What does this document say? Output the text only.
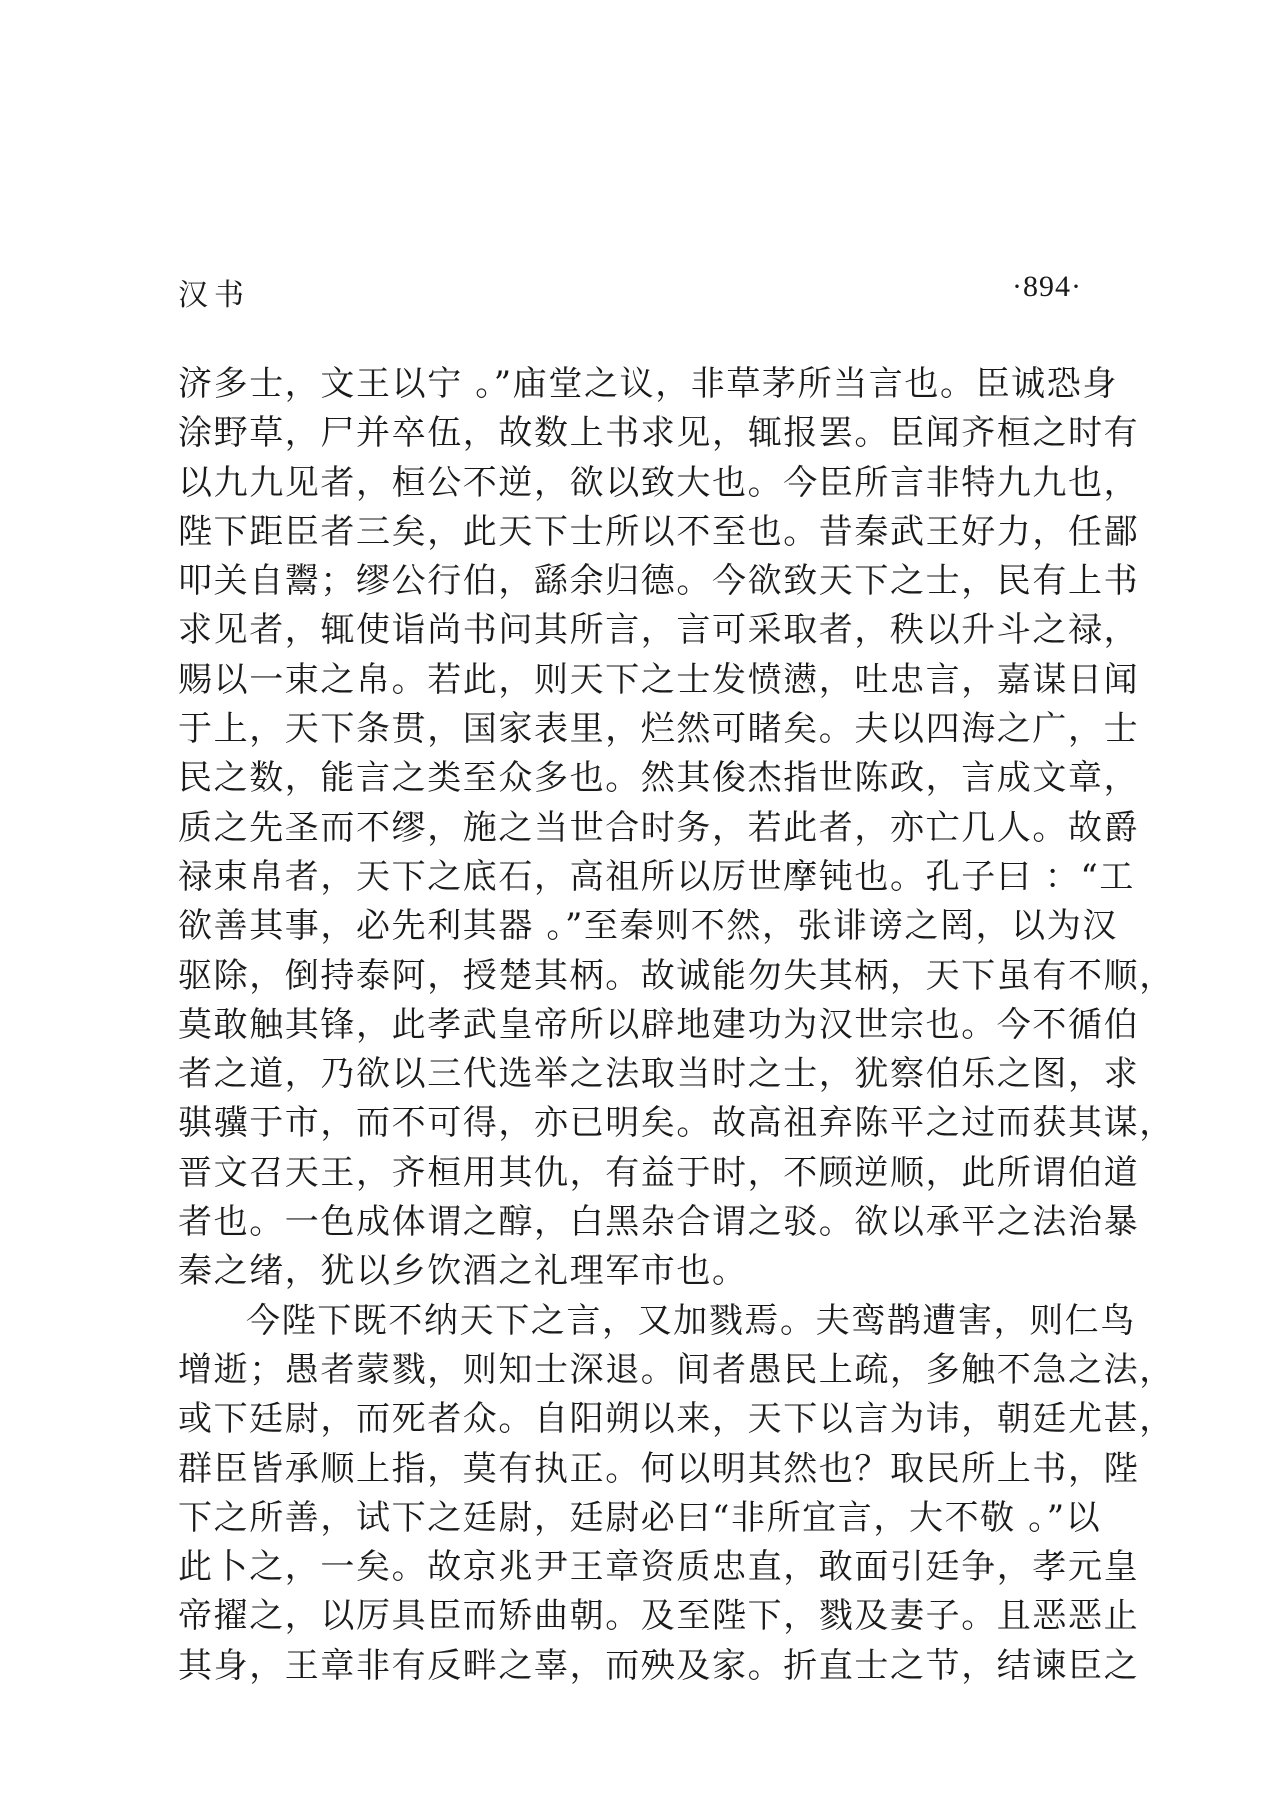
汉书	·894·
济多士，文王以宁 。”庙堂之议，非草茅所当言也。臣诚恐身
涂野草，尸并卒伍，故数上书求见，辄报罢。臣闻齐桓之时有
以九九见者，桓公不逆，欲以致大也。今臣所言非特九九也，
陛下距臣者三矣，此天下士所以不至也。昔秦武王好力，任鄙
叩关自鬻；缪公行伯，繇余归德。今欲致天下之士，民有上书
求见者，辄使诣尚书问其所言，言可采取者，秩以升斗之禄，
赐以一束之帛。若此，则天下之士发愤懑，吐忠言，嘉谋日闻
于上，天下条贯，国家表里，烂然可睹矣。夫以四海之广，士
民之数，能言之类至众多也。然其俊杰指世陈政，言成文章，
质之先圣而不缪，施之当世合时务，若此者，亦亡几人。故爵
禄束帛者，天下之底石，高祖所以厉世摩钝也。孔子曰 ：“工
欲善其事，必先利其器 。”至秦则不然，张诽谤之罔，以为汉
驱除，倒持泰阿，授楚其柄。故诚能勿失其柄，天下虽有不顺，
莫敢触其锋，此孝武皇帝所以辟地建功为汉世宗也。今不循伯
者之道，乃欲以三代选举之法取当时之士，犹察伯乐之图，求
骐骥于市，而不可得，亦已明矣。故高祖弃陈平之过而获其谋，
晋文召天王，齐桓用其仇，有益于时，不顾逆顺，此所谓伯道
者也。一色成体谓之醇，白黑杂合谓之驳。欲以承平之法治暴
秦之绪，犹以乡饮酒之礼理军市也。
今陛下既不纳天下之言，又加戮焉。夫鸾鹊遭害，则仁鸟
增逝；愚者蒙戮，则知士深退。间者愚民上疏，多触不急之法，
或下廷尉，而死者众。自阳朔以来，天下以言为讳，朝廷尤甚，
群臣皆承顺上指，莫有执正。何以明其然也？取民所上书，陛
下之所善，试下之廷尉，廷尉必曰“非所宜言，大不敬 。”以
此卜之，一矣。故京兆尹王章资质忠直，敢面引廷争，孝元皇
帝擢之，以厉具臣而矫曲朝。及至陛下，戮及妻子。且恶恶止
其身，王章非有反畔之辜，而殃及家。折直士之节，结谏臣之
